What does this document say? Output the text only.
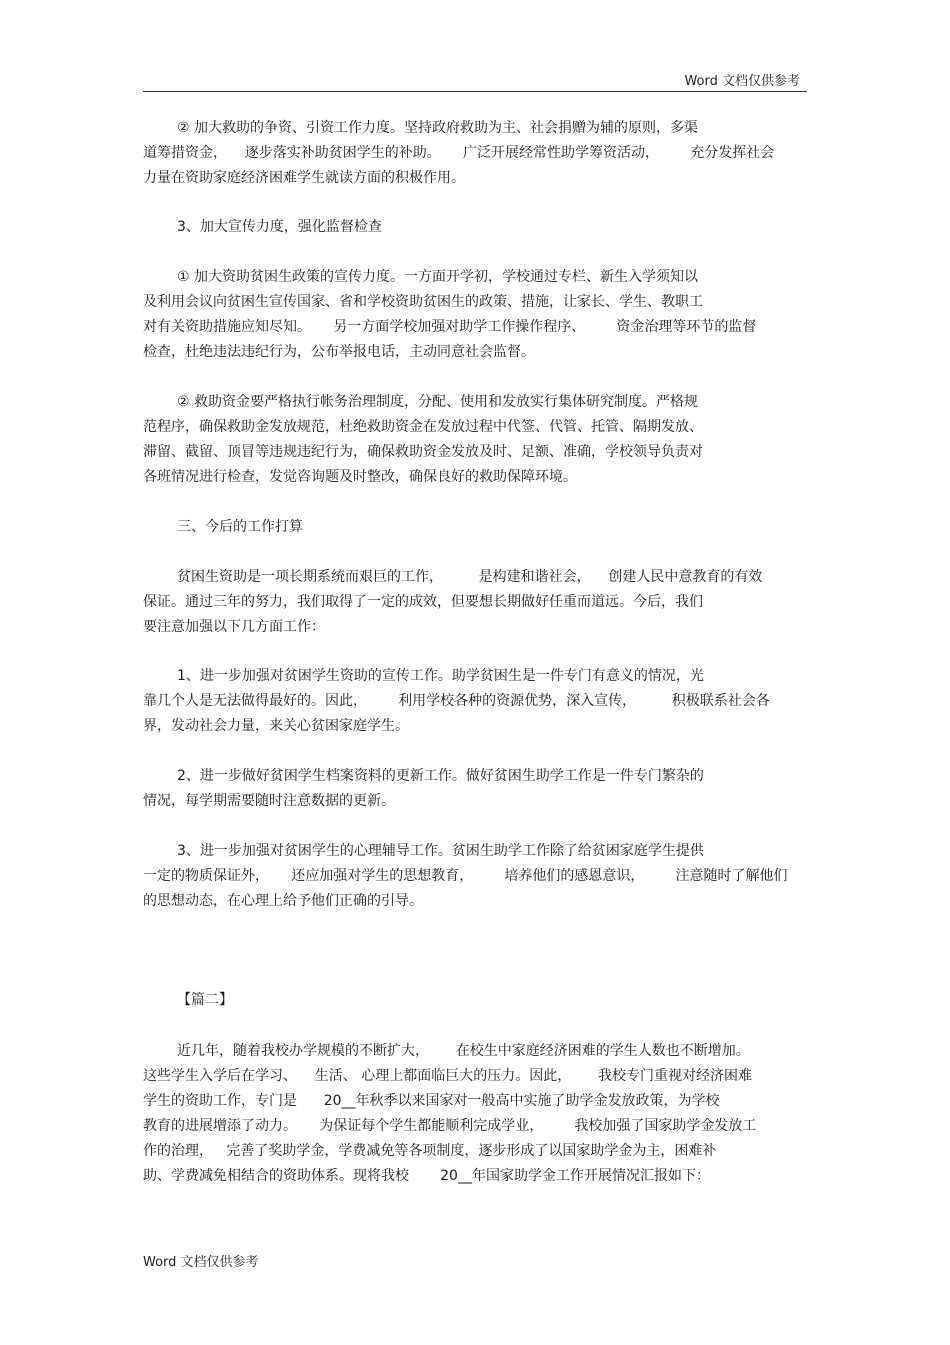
Word 文档仅供参考
② 加大救助的争资、引资工作力度。坚持政府救助为主、社会捐赠为辅的原则，多渠
道筹措资金，    逐步落实补助贫困学生的补助。     广泛开展经常性助学筹资活动，       充分发挥社会
力量在资助家庭经济困难学生就读方面的积极作用。
3、加大宣传力度，强化监督检查
① 加大资助贫困生政策的宣传力度。一方面开学初，学校通过专栏、新生入学须知以
及利用会议向贫困生宣传国家、省和学校资助贫困生的政策、措施，让家长、学生、教职工
对有关资助措施应知尽知。     另一方面学校加强对助学工作操作程序、       资金治理等环节的监督
检查，杜绝违法违纪行为，公布举报电话，主动同意社会监督。
② 救助资金要严格执行帐务治理制度，分配、使用和发放实行集体研究制度。严格规
范程序，确保救助金发放规范，杜绝救助资金在发放过程中代签、代管、托管、隔期发放、
滞留、截留、顶冒等违规违纪行为，确保救助资金发放及时、足额、准确，学校领导负责对
各班情况进行检查，发觉咨询题及时整改，确保良好的救助保障环境。
三、今后的工作打算
贫困生资助是一项长期系统而艰巨的工作，        是构建和谐社会，    创建人民中意教育的有效
保证。通过三年的努力，我们取得了一定的成效，但要想长期做好任重而道远。今后，我们
要注意加强以下几方面工作：
1、进一步加强对贫困学生资助的宣传工作。助学贫困生是一件专门有意义的情况，光
靠几个人是无法做得最好的。因此，       利用学校各种的资源优势，深入宣传，        积极联系社会各
界，发动社会力量，来关心贫困家庭学生。
2、进一步做好贫困学生档案资料的更新工作。做好贫困生助学工作是一件专门繁杂的
情况，每学期需要随时注意数据的更新。
3、进一步加强对贫困学生的心理辅导工作。贫困生助学工作除了给贫困家庭学生提供
一定的物质保证外，     还应加强对学生的思想教育，       培养他们的感恩意识，       注意随时了解他们
的思想动态，在心理上给予他们正确的引导。
【篇二】
近几年，随着我校办学规模的不断扩大，      在校生中家庭经济困难的学生人数也不断增加。
这些学生入学后在学习、    生活、 心理上都面临巨大的压力。因此，      我校专门重视对经济困难
学生的资助工作，专门是      20__年秋季以来国家对一般高中实施了助学金发放政策，为学校
教育的进展增添了动力。     为保证每个学生都能顺利完成学业，       我校加强了国家助学金发放工
作的治理，   完善了奖助学金，学费减免等各项制度，逐步形成了以国家助学金为主，困难补
助、学费减免相结合的资助体系。现将我校       20__年国家助学金工作开展情况汇报如下：
Word 文档仅供参考
